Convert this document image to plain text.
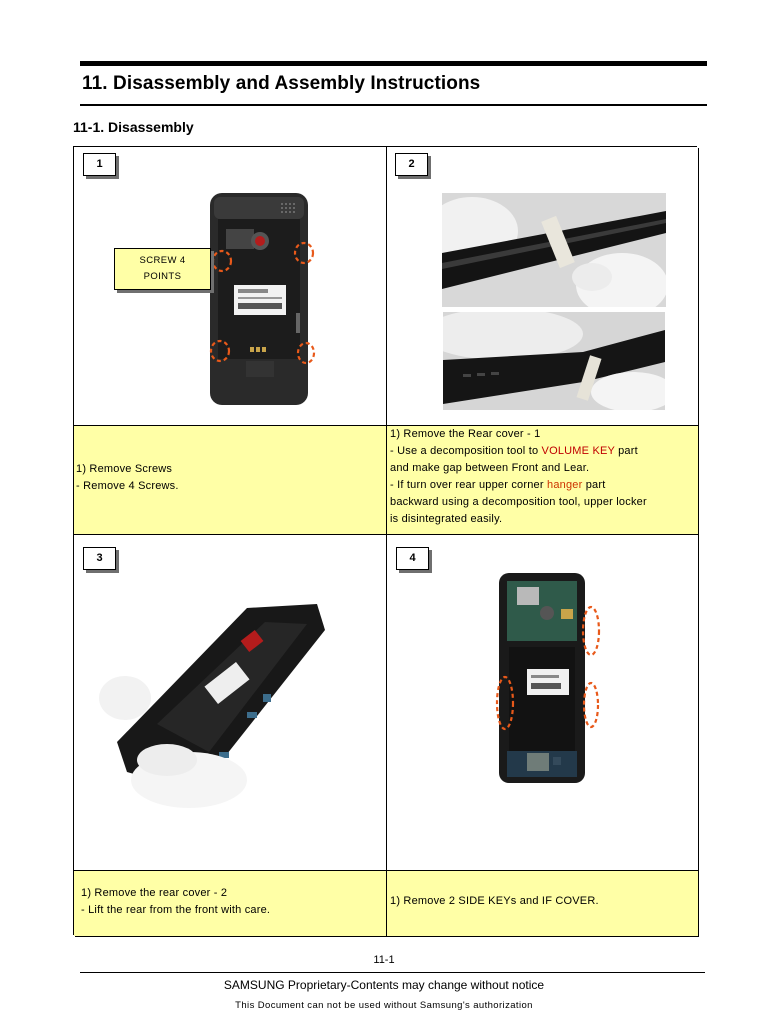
11. Disassembly and Assembly Instructions
11-1. Disassembly
1	2
1) Remove Screws
- Remove 4 Screws.
1) Remove the Rear cover - 1
- Use a decomposition tool to VOLUME KEY part
and make gap between Front and Lear.
- If turn over rear upper corner hanger part
backward using a decomposition tool, upper locker
is disintegrated easily.
3	4
1) Remove the rear cover - 2
- Lift the rear from the front with care.
1) Remove 2 SIDE KEYs and IF COVER.
SCREW 4
POINTS
11-1
SAMSUNG Proprietary-Contents may change without notice
This Document can not be used without Samsung's authorization
